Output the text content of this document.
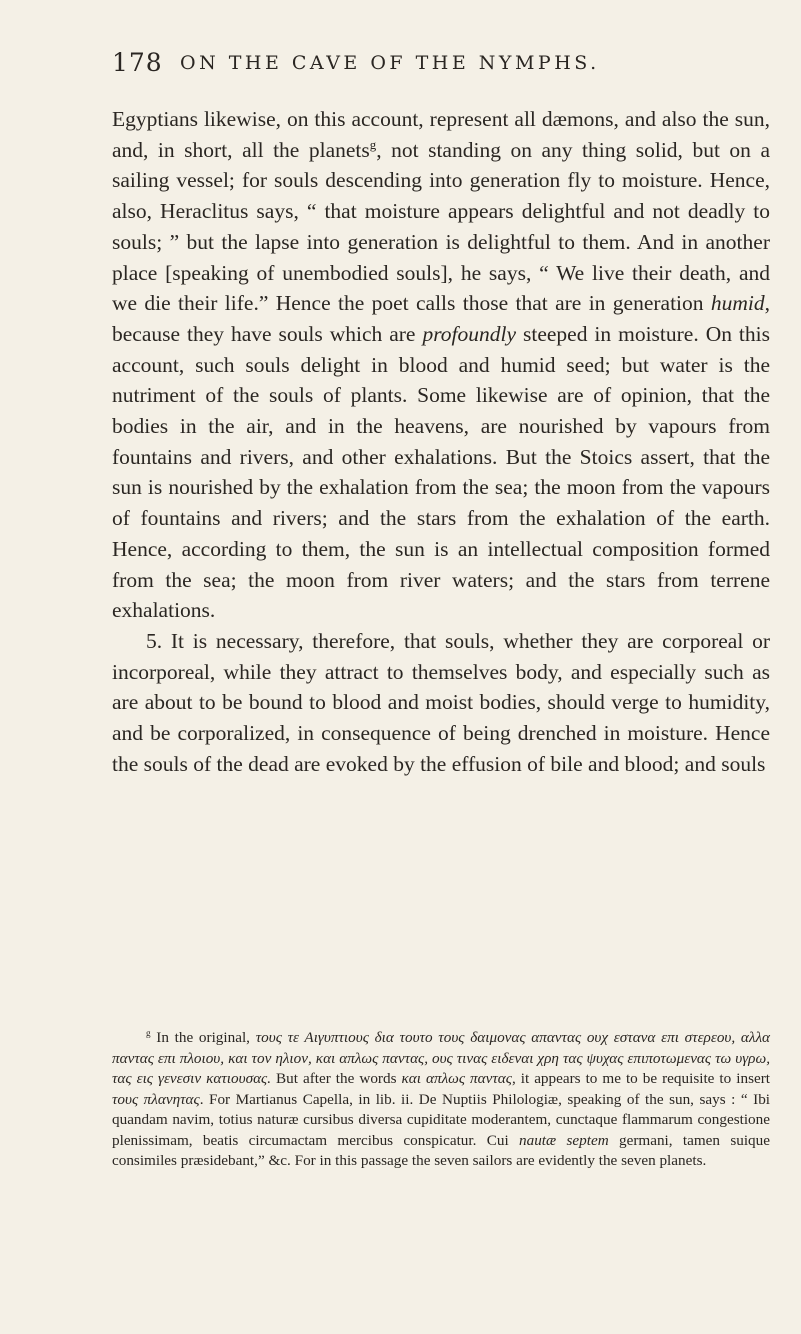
178 ON THE CAVE OF THE NYMPHS.

Egyptians likewise, on this account, represent all dæmons, and also the sun, and, in short, all the planets$^g$, not standing on any thing solid, but on a sailing vessel; for souls descending into generation fly to moisture. Hence, also, Heraclitus says, “ that moisture appears delightful and not deadly to souls; ” but the lapse into generation is delightful to them. And in another place [speaking of unembodied souls], he says, “ We live their death, and we die their life.” Hence the poet calls those that are in generation humid, because they have souls which are profoundly steeped in moisture. On this account, such souls delight in blood and humid seed; but water is the nutriment of the souls of plants. Some likewise are of opinion, that the bodies in the air, and in the heavens, are nourished by vapours from fountains and rivers, and other exhalations. But the Stoics assert, that the sun is nourished by the exhalation from the sea; the moon from the vapours of fountains and rivers; and the stars from the exhalation of the earth. Hence, according to them, the sun is an intellectual composition formed from the sea; the moon from river waters; and the stars from terrene exhalations.

5. It is necessary, therefore, that souls, whether they are corporeal or incorporeal, while they attract to themselves body, and especially such as are about to be bound to blood and moist bodies, should verge to humidity, and be corporalized, in consequence of being drenched in moisture. Hence the souls of the dead are evoked by the effusion of bile and blood; and souls

$^g$ In the original, τους τε Αιγυπτιους δια τουτο τους δαιμονας απαντας ουχ εστανα επι στερεου, αλλα παντας επι πλοιου, και τον ηλιον, και απλως παντας, ους τινας ειδεναι χρη τας ψυχας επιποτωμενας τω υγρω, τας εις γενεσιν κατιουσας. But after the words και απλως παντας, it appears to me to be requisite to insert τους πλανητας. For Martianus Capella, in lib. ii. De Nuptiis Philologiæ, speaking of the sun, says : “ Ibi quandam navim, totius naturæ cursibus diversa cupiditate moderantem, cunctaque flammarum congestione plenissimam, beatis circumactam mercibus conspicatur. Cui nautæ septem germani, tamen suique consimiles præsidebant,” &c. For in this passage the seven sailors are evidently the seven planets.
